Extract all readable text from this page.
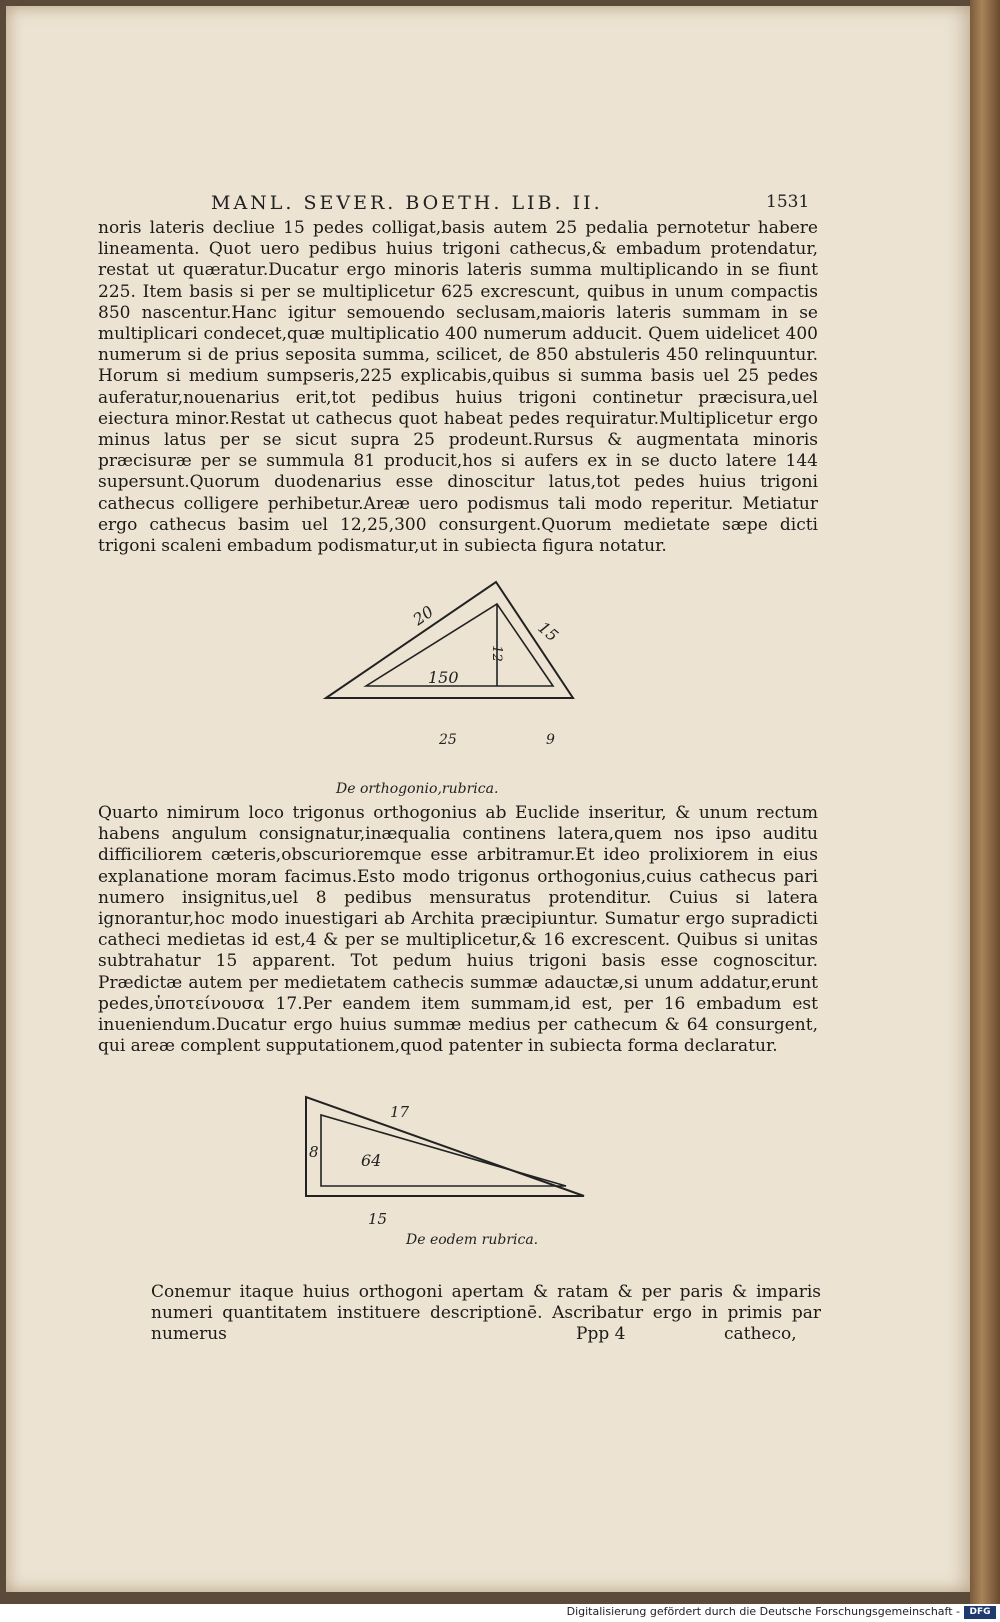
MANL. SEVER. BOETH. LIB. II.	1531
noris lateris decliue 15 pedes colligat,basis autem 25 pedalia pernotetur habere lineamenta. Quot uero pedibus huius trigoni cathecus,& embadum protendatur, restat ut quæratur.Ducatur ergo minoris lateris summa multiplicando in se fiunt 225. Item basis si per se multiplicetur 625 excrescunt, quibus in unum compactis 850 nascentur.Hanc igitur semouendo seclusam,maioris lateris summam in se multiplicari condecet,quæ multiplicatio 400 numerum adducit. Quem uidelicet 400 numerum si de prius seposita summa, scilicet, de 850 abstuleris 450 relinquuntur. Horum si medium sumpseris,225 explicabis,quibus si summa basis uel 25 pedes auferatur,nouenarius erit,tot pedibus huius trigoni continetur præcisura,uel eiectura minor.Restat ut cathecus quot habeat pedes requiratur.Multiplicetur ergo minus latus per se sicut supra 25 prodeunt.Rursus & augmentata minoris præcisuræ per se summula 81 producit,hos si aufers ex in se ducto latere 144 supersunt.Quorum duodenarius esse dinoscitur latus,tot pedes huius trigoni cathecus colligere perhibetur.Areæ uero podismus tali modo reperitur. Metiatur ergo cathecus basim uel 12,25,300 consurgent.Quorum medietate sæpe dicti trigoni scaleni embadum podismatur,ut in subiecta figura notatur.
20
15
12
150
25	9
De orthogonio,rubrica.
Quarto nimirum loco trigonus orthogonius ab Euclide inseritur, & unum rectum habens angulum consignatur,inæqualia continens latera,quem nos ipso auditu difficiliorem cæteris,obscurioremque esse arbitramur.Et ideo prolixiorem in eius explanatione moram facimus.Esto modo trigonus orthogonius,cuius cathecus pari numero insignitus,uel 8 pedibus mensuratus protenditur. Cuius si latera ignorantur,hoc modo inuestigari ab Archita præcipiuntur. Sumatur ergo supradicti catheci medietas id est,4 & per se multiplicetur,& 16 excrescent. Quibus si unitas subtrahatur 15 apparent. Tot pedum huius trigoni basis esse cognoscitur. Prædictæ autem per medietatem cathecis summæ adauctæ,si unum addatur,erunt pedes,ὑποτείνουσα 17.Per eandem item summam,id est, per 16 embadum est inueniendum.Ducatur ergo huius summæ medius per cathecum & 64 consurgent, qui areæ complent supputationem,quod patenter in subiecta forma declaratur.
17
8	64
15
De eodem rubrica.
Conemur itaque huius orthogoni apertam & ratam & per paris & imparis numeri quantitatem instituere descriptionē. Ascribatur ergo in primis par numerus	Ppp 4	catheco,
Digitalisierung gefördert durch die Deutsche Forschungsgemeinschaft -	DFG
